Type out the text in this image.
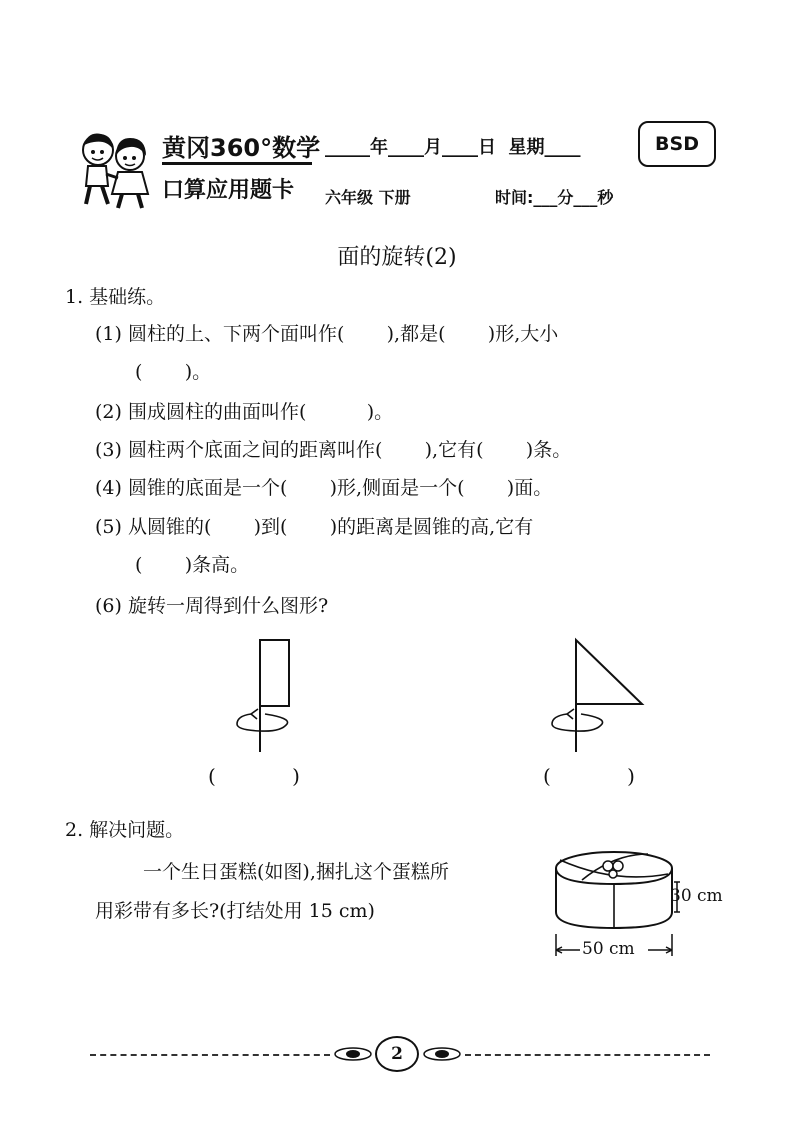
黄冈360°数学
口算应用题卡
_____年____月____日  星期____
六年级 下册	时间:___分___秒
BSD
面的旋转(2)
1. 基础练。
(1) 圆柱的上、下两个面叫作(       ),都是(       )形,大小
(       )。
(2) 围成圆柱的曲面叫作(          )。
(3) 圆柱两个底面之间的距离叫作(       ),它有(       )条。
(4) 圆锥的底面是一个(       )形,侧面是一个(       )面。
(5) 从圆锥的(       )到(       )的距离是圆锥的高,它有
(       )条高。
(6) 旋转一周得到什么图形?
(            )	(            )
2. 解决问题。
一个生日蛋糕(如图),捆扎这个蛋糕所
用彩带有多长?(打结处用 15 cm)
30 cm
50 cm
2
